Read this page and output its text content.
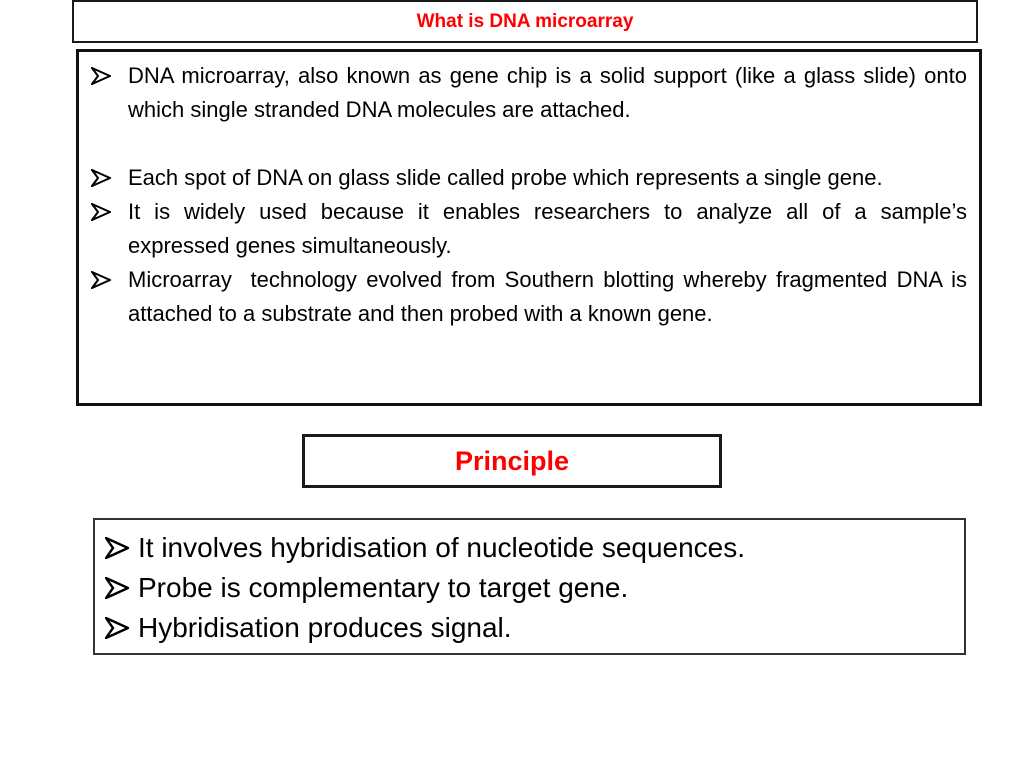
What is DNA microarray
DNA microarray, also known as gene chip is a solid support (like a glass slide) onto which single stranded DNA molecules are attached.
Each spot of DNA on glass slide called probe which represents a single gene.
It is widely used because it enables researchers to analyze all of a sample’s expressed genes simultaneously.
Microarray  technology evolved from Southern blotting whereby fragmented DNA is attached to a substrate and then probed with a known gene.
Principle
It involves hybridisation of nucleotide sequences.
Probe is complementary to target gene.
Hybridisation produces signal.
